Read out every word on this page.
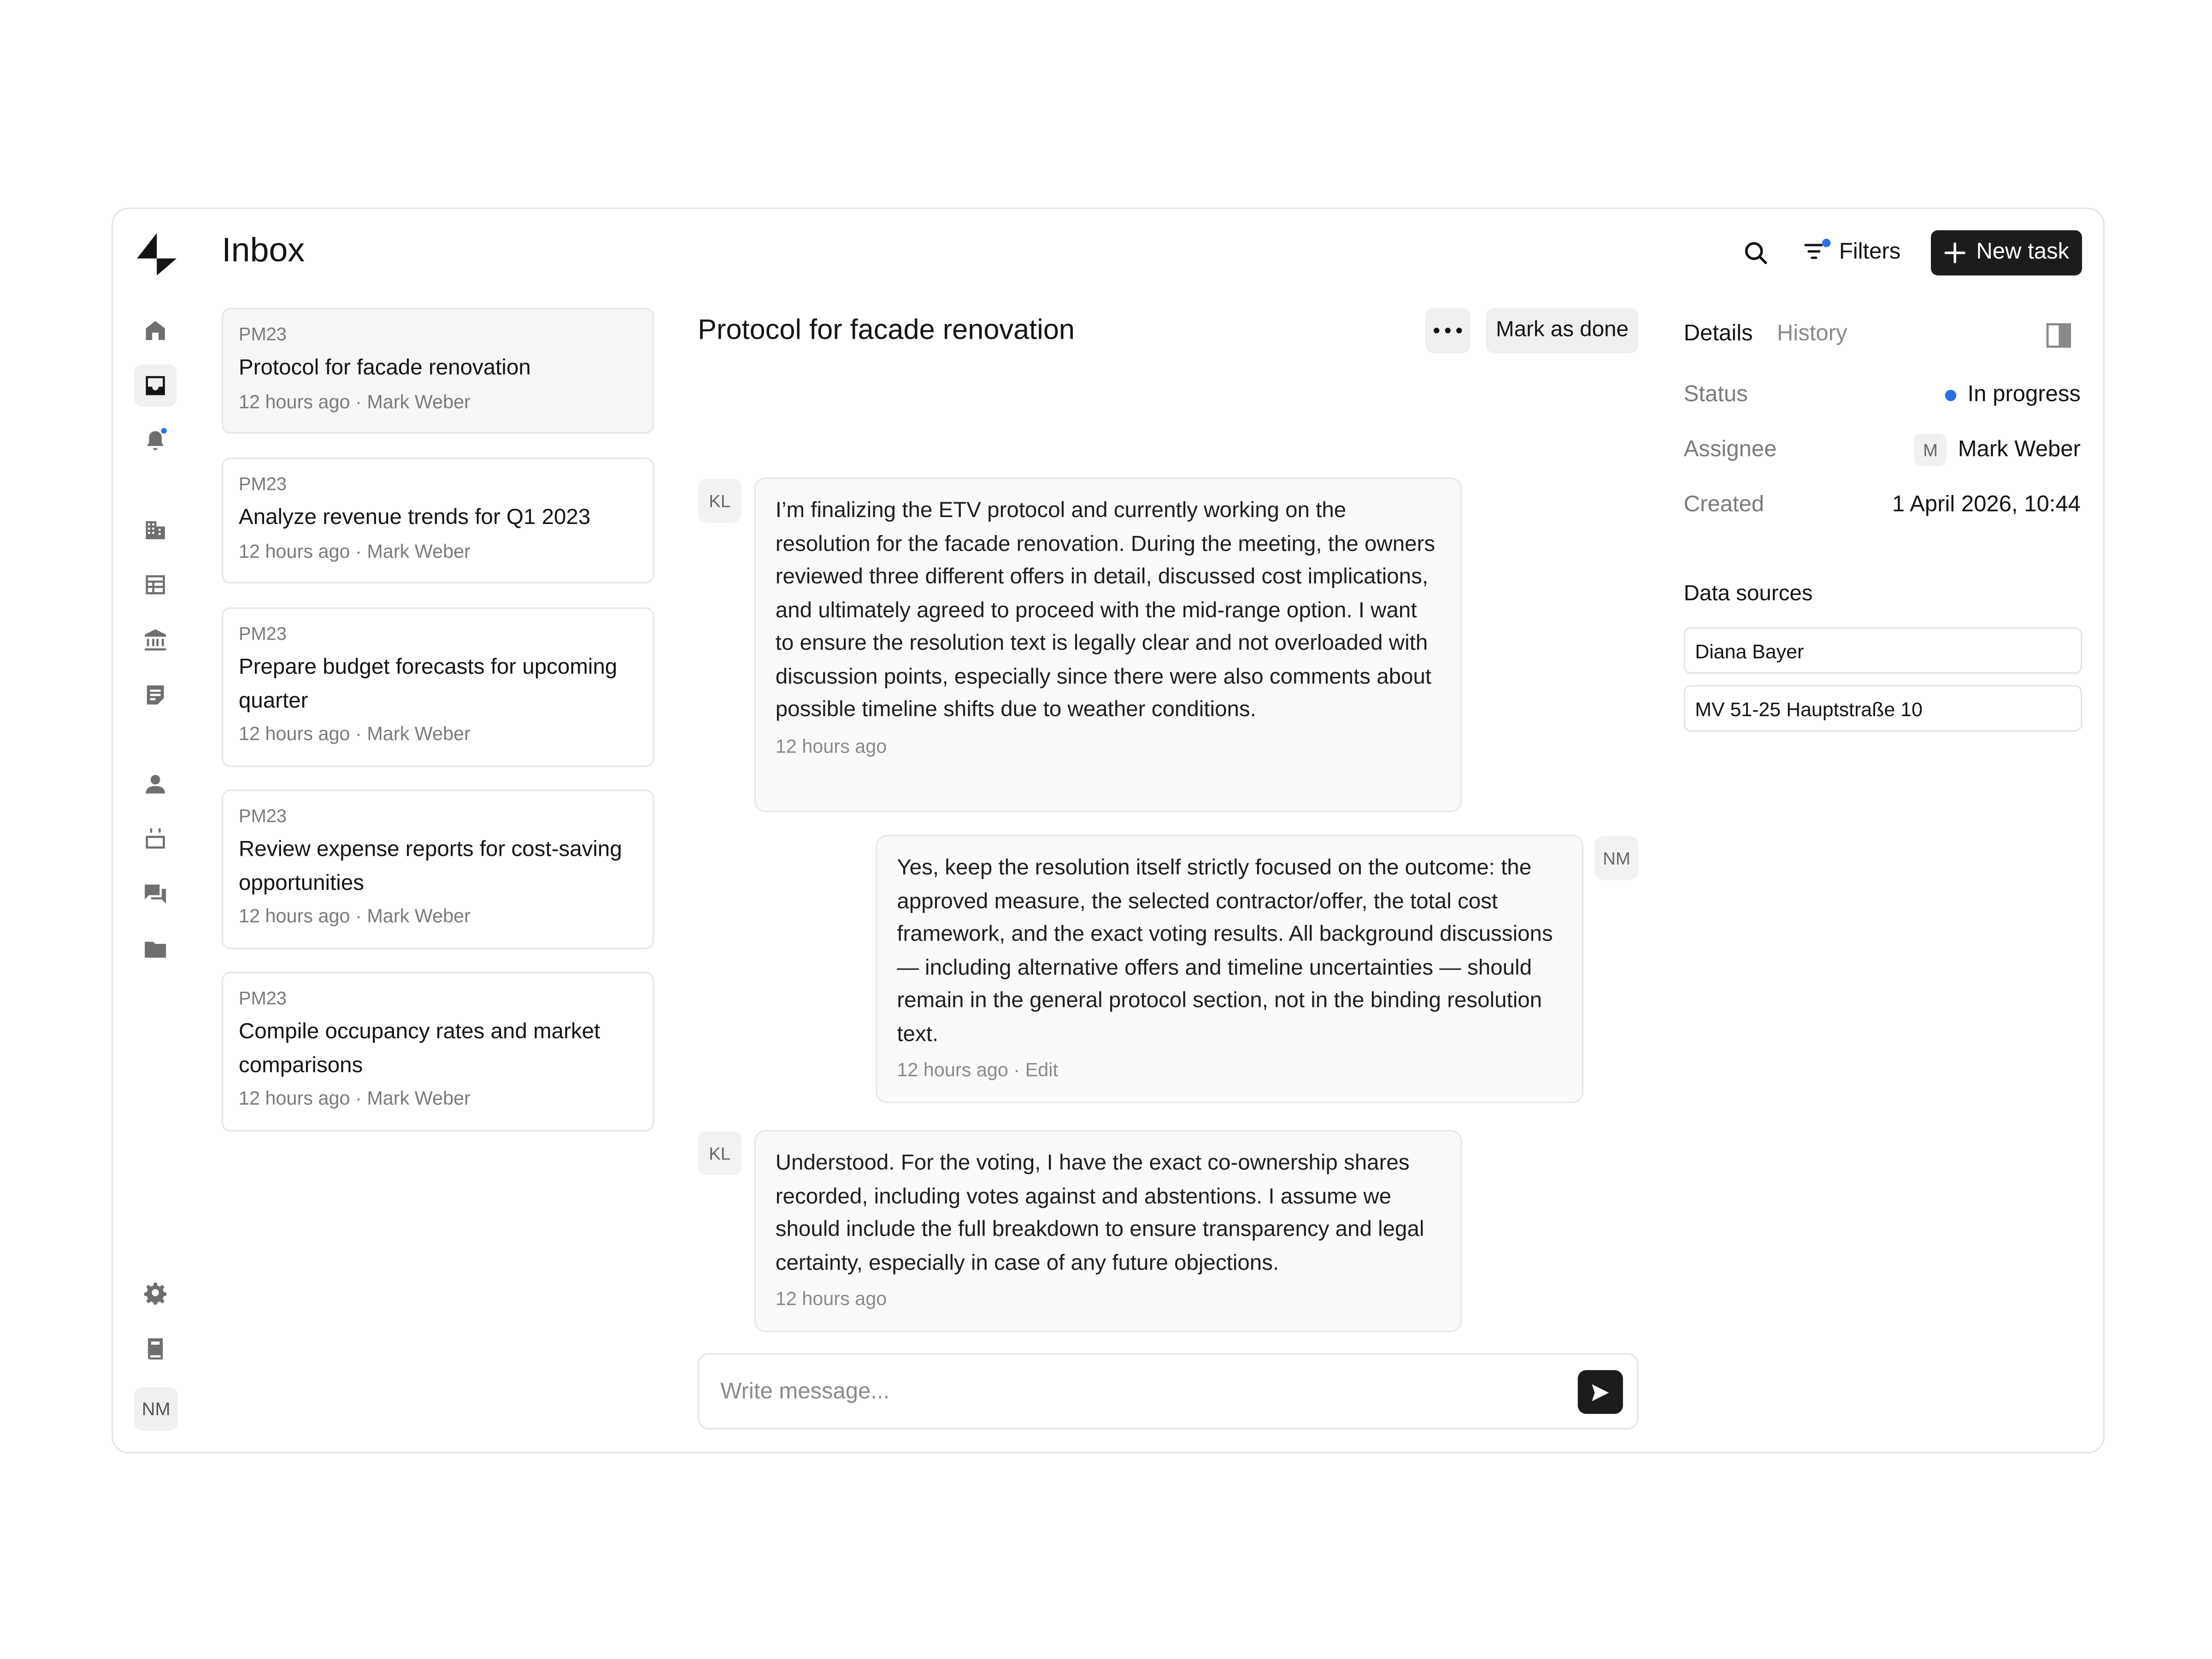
NM
Inbox	Filters	New task
PM23
Protocol for facade renovation
12 hours ago · Mark Weber
PM23
Analyze revenue trends for Q1 2023
12 hours ago · Mark Weber
PM23
Prepare budget forecasts for upcoming quarter
12 hours ago · Mark Weber
PM23
Review expense reports for cost-saving opportunities
12 hours ago · Mark Weber
PM23
Compile occupancy rates and market comparisons
12 hours ago · Mark Weber
Protocol for facade renovation	Mark as done
KL	I’m finalizing the ETV protocol and currently working on the resolution for the facade renovation. During the meeting, the owners reviewed three different offers in detail, discussed cost implications, and ultimately agreed to proceed with the mid-range option. I want to ensure the resolution text is legally clear and not overloaded with discussion points, especially since there were also comments about possible timeline shifts due to weather conditions.
12 hours ago
Yes, keep the resolution itself strictly focused on the outcome: the approved measure, the selected contractor/offer, the total cost framework, and the exact voting results. All background discussions — including alternative offers and timeline uncertainties — should remain in the general protocol section, not in the binding resolution text.
12 hours ago · Edit
NM
KL	Understood. For the voting, I have the exact co-ownership shares recorded, including votes against and abstentions. I assume we should include the full breakdown to ensure transparency and legal certainty, especially in case of any future objections.
12 hours ago
Write message...
Details	History
Status	In progress
Assignee	M	Mark Weber
Created	1 April 2026, 10:44
Data sources
Diana Bayer
MV 51-25 Hauptstraße 10
